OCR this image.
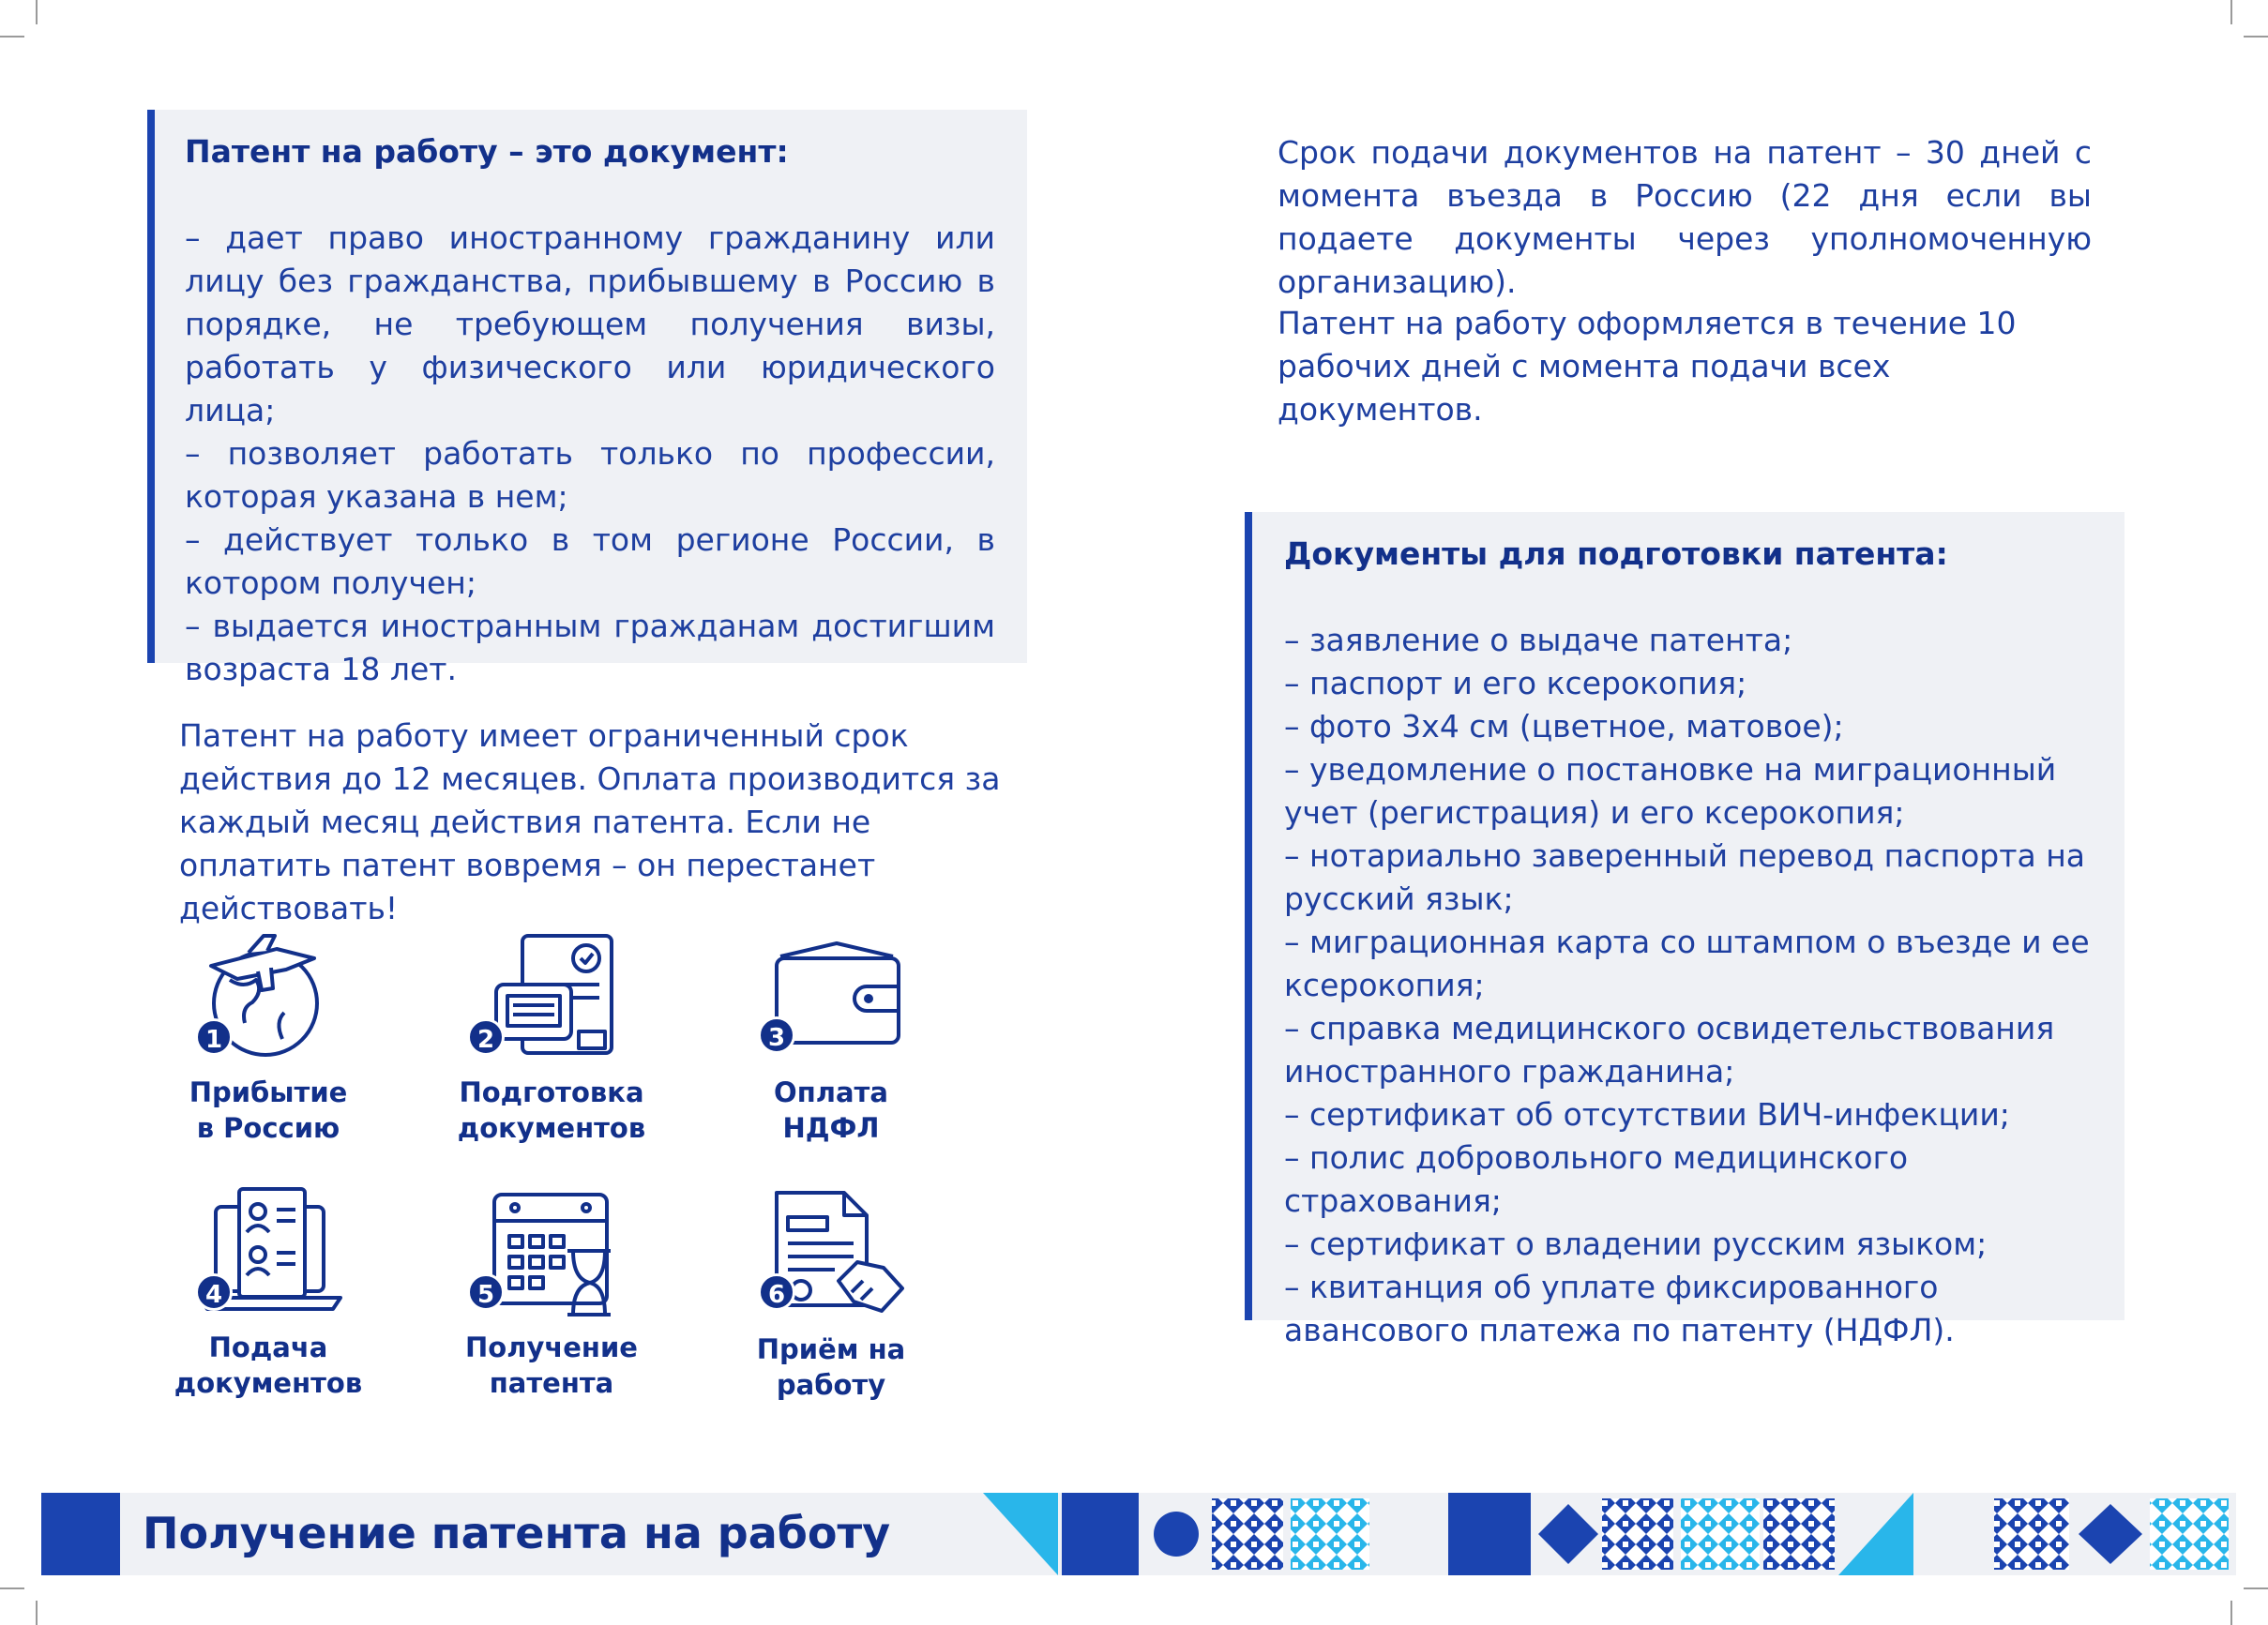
Патент на работу – это документ:

– дает право иностранному гражданину или лицу без гражданства, прибывшему в Россию в порядке, не требующем получения визы, работать у физического или юридического лица;

– позволяет работать только по профессии, которая указана в нем;

– действует только в том регионе России, в котором получен;

– выдается иностранным гражданам достигшим возраста 18 лет.

Патент на работу имеет ограниченный срок действия до 12 месяцев. Оплата производится за каждый месяц действия патента. Если не оплатить патент вовремя – он перестанет действовать!
1	2	3
4	5	6
Прибытие
в Россию
Подготовка
документов
Оплата
НДФЛ
Подача
документов
Получение
патента
Приём на
работу
Срок подачи документов на патент – 30 дней с момента въезда в Россию (22 дня если вы подаете документы через уполномоченную организацию).
Патент на работу оформляется в течение 10 рабочих дней с момента подачи всех документов.
Документы для подготовки патента:

– заявление о выдаче патента;

– паспорт и его ксерокопия;

– фото 3х4 см (цветное, матовое);

– уведомление о постановке на миграционный учет (регистрация) и его ксерокопия;

– нотариально заверенный перевод паспорта на русский язык;

– миграционная карта со штампом о въезде и ее ксерокопия;

– справка медицинского освидетельствования иностранного гражданина;

– сертификат об отсутствии ВИЧ-инфекции;

– полис добровольного медицинского страхования;

– сертификат о владении русским языком;

– квитанция об уплате фиксированного авансового платежа по патенту (НДФЛ).

Получение патента на работу
